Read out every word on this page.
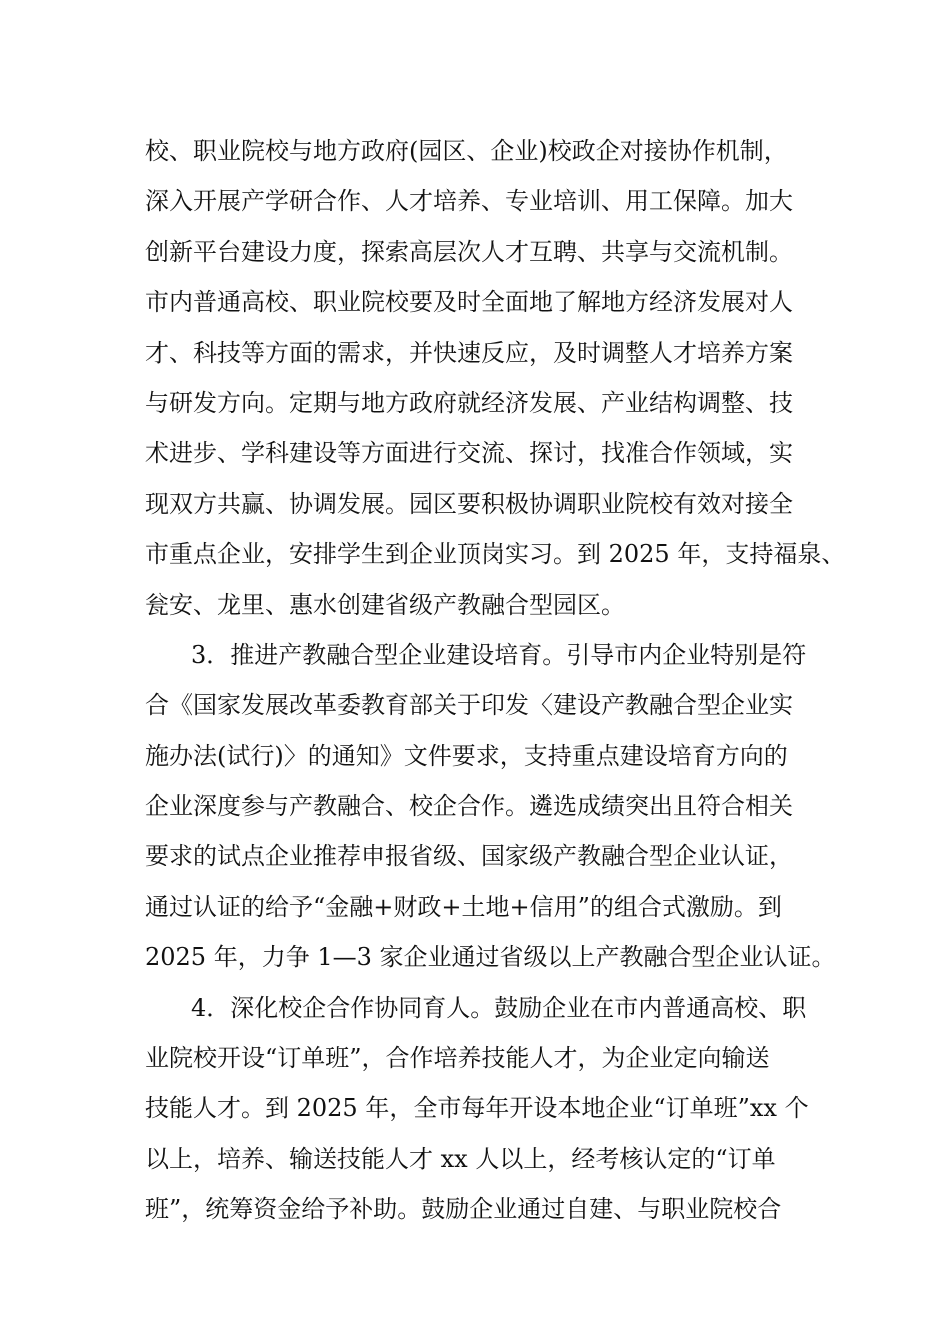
校、职业院校与地方政府(园区、企业)校政企对接协作机制，
深入开展产学研合作、人才培养、专业培训、用工保障。加大
创新平台建设力度，探索高层次人才互聘、共享与交流机制。
市内普通高校、职业院校要及时全面地了解地方经济发展对人
才、科技等方面的需求，并快速反应，及时调整人才培养方案
与研发方向。定期与地方政府就经济发展、产业结构调整、技
术进步、学科建设等方面进行交流、探讨，找准合作领域，实
现双方共赢、协调发展。园区要积极协调职业院校有效对接全
市重点企业，安排学生到企业顶岗实习。到 2025 年，支持福泉、
瓮安、龙里、惠水创建省级产教融合型园区。
3．推进产教融合型企业建设培育。引导市内企业特别是符
合《国家发展改革委教育部关于印发〈建设产教融合型企业实
施办法(试行)〉的通知》文件要求，支持重点建设培育方向的
企业深度参与产教融合、校企合作。遴选成绩突出且符合相关
要求的试点企业推荐申报省级、国家级产教融合型企业认证，
通过认证的给予“金融+财政+土地+信用”的组合式激励。到
2025 年，力争 1—3 家企业通过省级以上产教融合型企业认证。
4．深化校企合作协同育人。鼓励企业在市内普通高校、职
业院校开设“订单班”，合作培养技能人才，为企业定向输送
技能人才。到 2025 年，全市每年开设本地企业“订单班”xx 个
以上，培养、输送技能人才 xx 人以上，经考核认定的“订单
班”，统筹资金给予补助。鼓励企业通过自建、与职业院校合
